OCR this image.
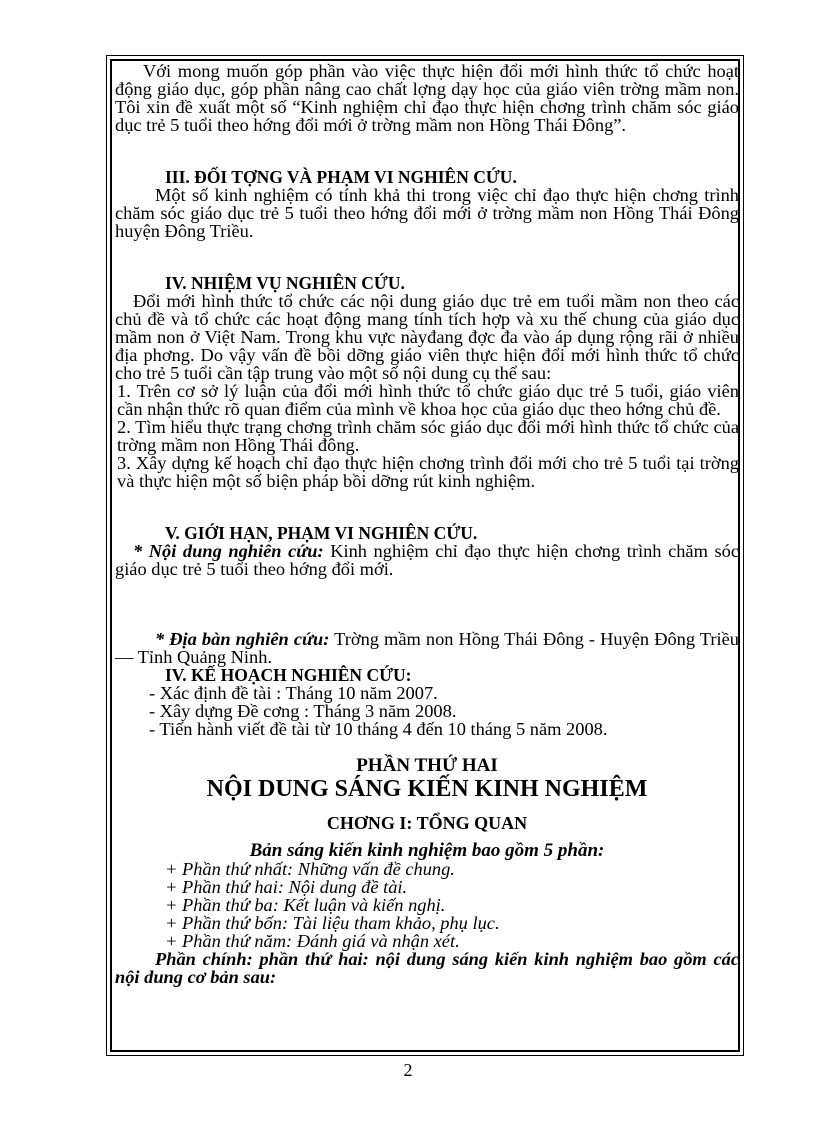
Với mong muốn góp phần vào việc thực hiện đổi mới hình thức tổ chức hoạt động giáo dục, góp phần nâng cao chất lợng dạy học của giáo viên trờng mầm non. Tôi xin đề xuất một số “Kinh nghiệm chỉ đạo thực hiện chơng trình chăm sóc giáo dục trẻ 5 tuổi theo hớng đổi mới ở trờng mầm non Hồng Thái Đông”.

III. ĐỐI TỢNG VÀ PHẠM VI NGHIÊN CỨU.

Một số kinh nghiệm có tính khả thi trong việc chỉ đạo thực hiện chơng trình chăm sóc giáo dục trẻ 5 tuổi theo hớng đổi mới ở trờng mầm non Hồng Thái Đông huyện Đông Triều.

IV. NHIỆM VỤ NGHIÊN CỨU.

Đổi mới hình thức tổ chức các nội dung giáo dục trẻ em tuổi mầm non theo các chủ đề và tổ chức các hoạt động mang tính tích hợp và xu thế chung của giáo dục mầm non ở Việt Nam. Trong khu vực nàyđang đợc đa vào áp dụng rộng rãi ở nhiều địa phơng. Do vậy vấn đề bồi dỡng giáo viên thực hiện đổi mới hình thức tổ chức cho trẻ 5 tuổi cần tập trung vào một số nội dung cụ thể sau:

1. Trên cơ sở lý luận của đổi mới hình thức tổ chức giáo dục trẻ 5 tuổi, giáo viên cần nhận thức rõ quan điểm của mình về khoa học của giáo dục theo hớng chủ đề.

2. Tìm hiểu thực trạng chơng trình chăm sóc giáo dục đổi mới hình thức tổ chức của trờng mầm non Hồng Thái đông.

3. Xây dựng kế hoạch chỉ đạo thực hiện chơng trình đổi mới cho trẻ 5 tuổi tại trờng và thực hiện một số biện pháp bồi dỡng rút kinh nghiệm.

V. GIỚI HẠN, PHẠM VI NGHIÊN CỨU.

* Nội dung nghiên cứu: Kinh nghiệm chỉ đạo thực hiện chơng trình chăm sóc giáo dục trẻ 5 tuổi theo hớng đổi mới.

* Địa bàn nghiên cứu: Trờng mầm non Hồng Thái Đông - Huyện Đông Triều — Tỉnh Quảng Ninh.

IV. KẾ HOẠCH NGHIÊN CỨU:

- Xác định đề tài : Tháng 10 năm 2007.

- Xây dựng Đề cơng : Tháng 3 năm 2008.

- Tiến hành viết đề tài từ 10 tháng 4 đến 10 tháng 5 năm 2008.

PHẦN THỨ HAI

NỘI DUNG SÁNG KIẾN KINH NGHIỆM

CHƠNG I: TỔNG QUAN

Bản sáng kiến kinh nghiệm bao gồm 5 phần:

+ Phần thứ nhất: Những vấn đề chung.

+ Phần thứ hai: Nội dung đề tài.

+ Phần thứ ba: Kết luận và kiến nghị.

+ Phần thứ bốn: Tài liệu tham khảo, phụ lục.

+ Phần thứ năm: Đánh giá và nhận xét.

Phần chính: phần thứ hai: nội dung sáng kiến kinh nghiệm bao gồm các nội dung cơ bản sau:

2
